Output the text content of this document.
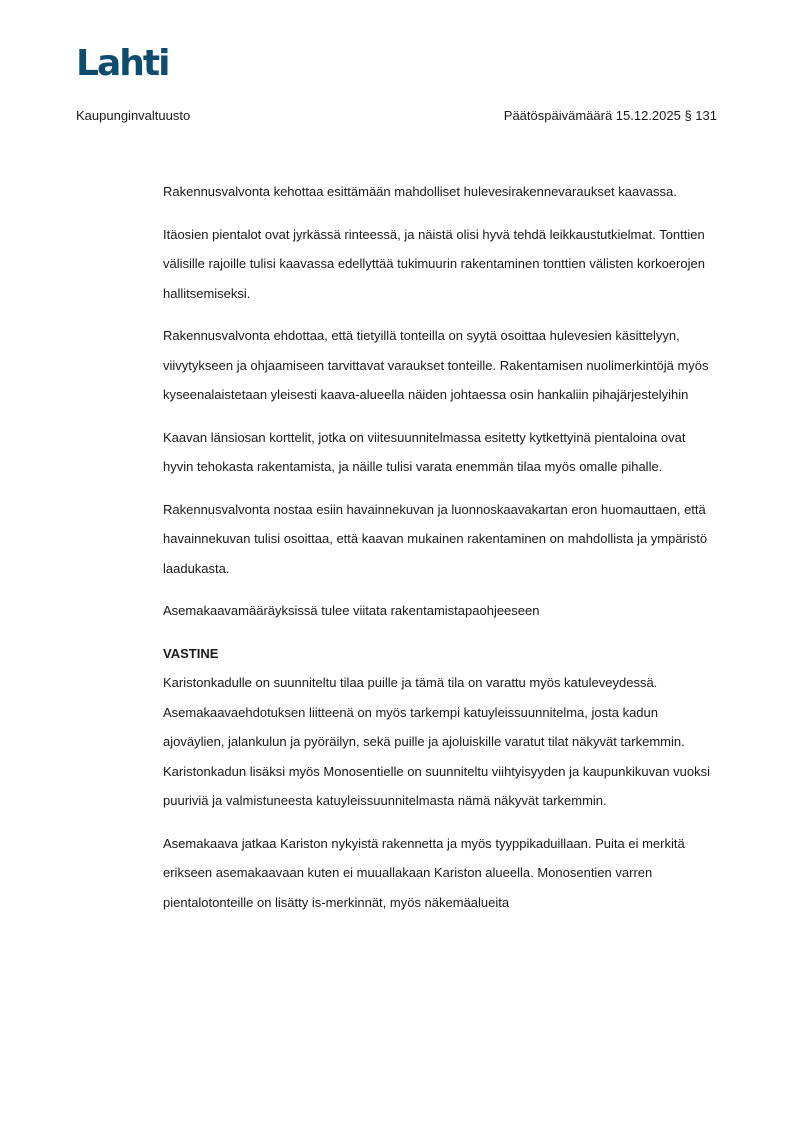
Lahti
Kaupunginvaltuusto	Päätöspäivämäärä 15.12.2025 § 131

Rakennusvalvonta kehottaa esittämään mahdolliset hulevesirakennevaraukset kaavassa.

Itäosien pientalot ovat jyrkässä rinteessä, ja näistä olisi hyvä tehdä leikkaustutkielmat. Tonttien välisille rajoille tulisi kaavassa edellyttää tukimuurin rakentaminen tonttien välisten korkoerojen hallitsemiseksi.

Rakennusvalvonta ehdottaa, että tietyillä tonteilla on syytä osoittaa hulevesien käsittelyyn, viivytykseen ja ohjaamiseen tarvittavat varaukset tonteille. Rakentamisen nuolimerkintöjä myös kyseenalaistetaan yleisesti kaava-alueella näiden johtaessa osin hankaliin pihajärjestelyihin

Kaavan länsiosan korttelit, jotka on viitesuunnitelmassa esitetty kytkettyinä pientaloina ovat hyvin tehokasta rakentamista, ja näille tulisi varata enemmän tilaa myös omalle pihalle.

Rakennusvalvonta nostaa esiin havainnekuvan ja luonnoskaavakartan eron huomauttaen, että havainnekuvan tulisi osoittaa, että kaavan mukainen rakentaminen on mahdollista ja ympäristö laadukasta.

Asemakaavamääräyksissä tulee viitata rakentamistapaohjeeseen

VASTINE

Karistonkadulle on suunniteltu tilaa puille ja tämä tila on varattu myös katuleveydessä. Asemakaavaehdotuksen liitteenä on myös tarkempi katuyleissuunnitelma, josta kadun ajoväylien, jalankulun ja pyöräilyn, sekä puille ja ajoluiskille varatut tilat näkyvät tarkemmin. Karistonkadun lisäksi myös Monosentielle on suunniteltu viihtyisyyden ja kaupunkikuvan vuoksi puuriviä ja valmistuneesta katuyleissuunnitelmasta nämä näkyvät tarkemmin.

Asemakaava jatkaa Kariston nykyistä rakennetta ja myös tyyppikaduillaan. Puita ei merkitä erikseen asemakaavaan kuten ei muuallakaan Kariston alueella. Monosentien varren pientalotonteille on lisätty is-merkinnät, myös näkemäalueita
